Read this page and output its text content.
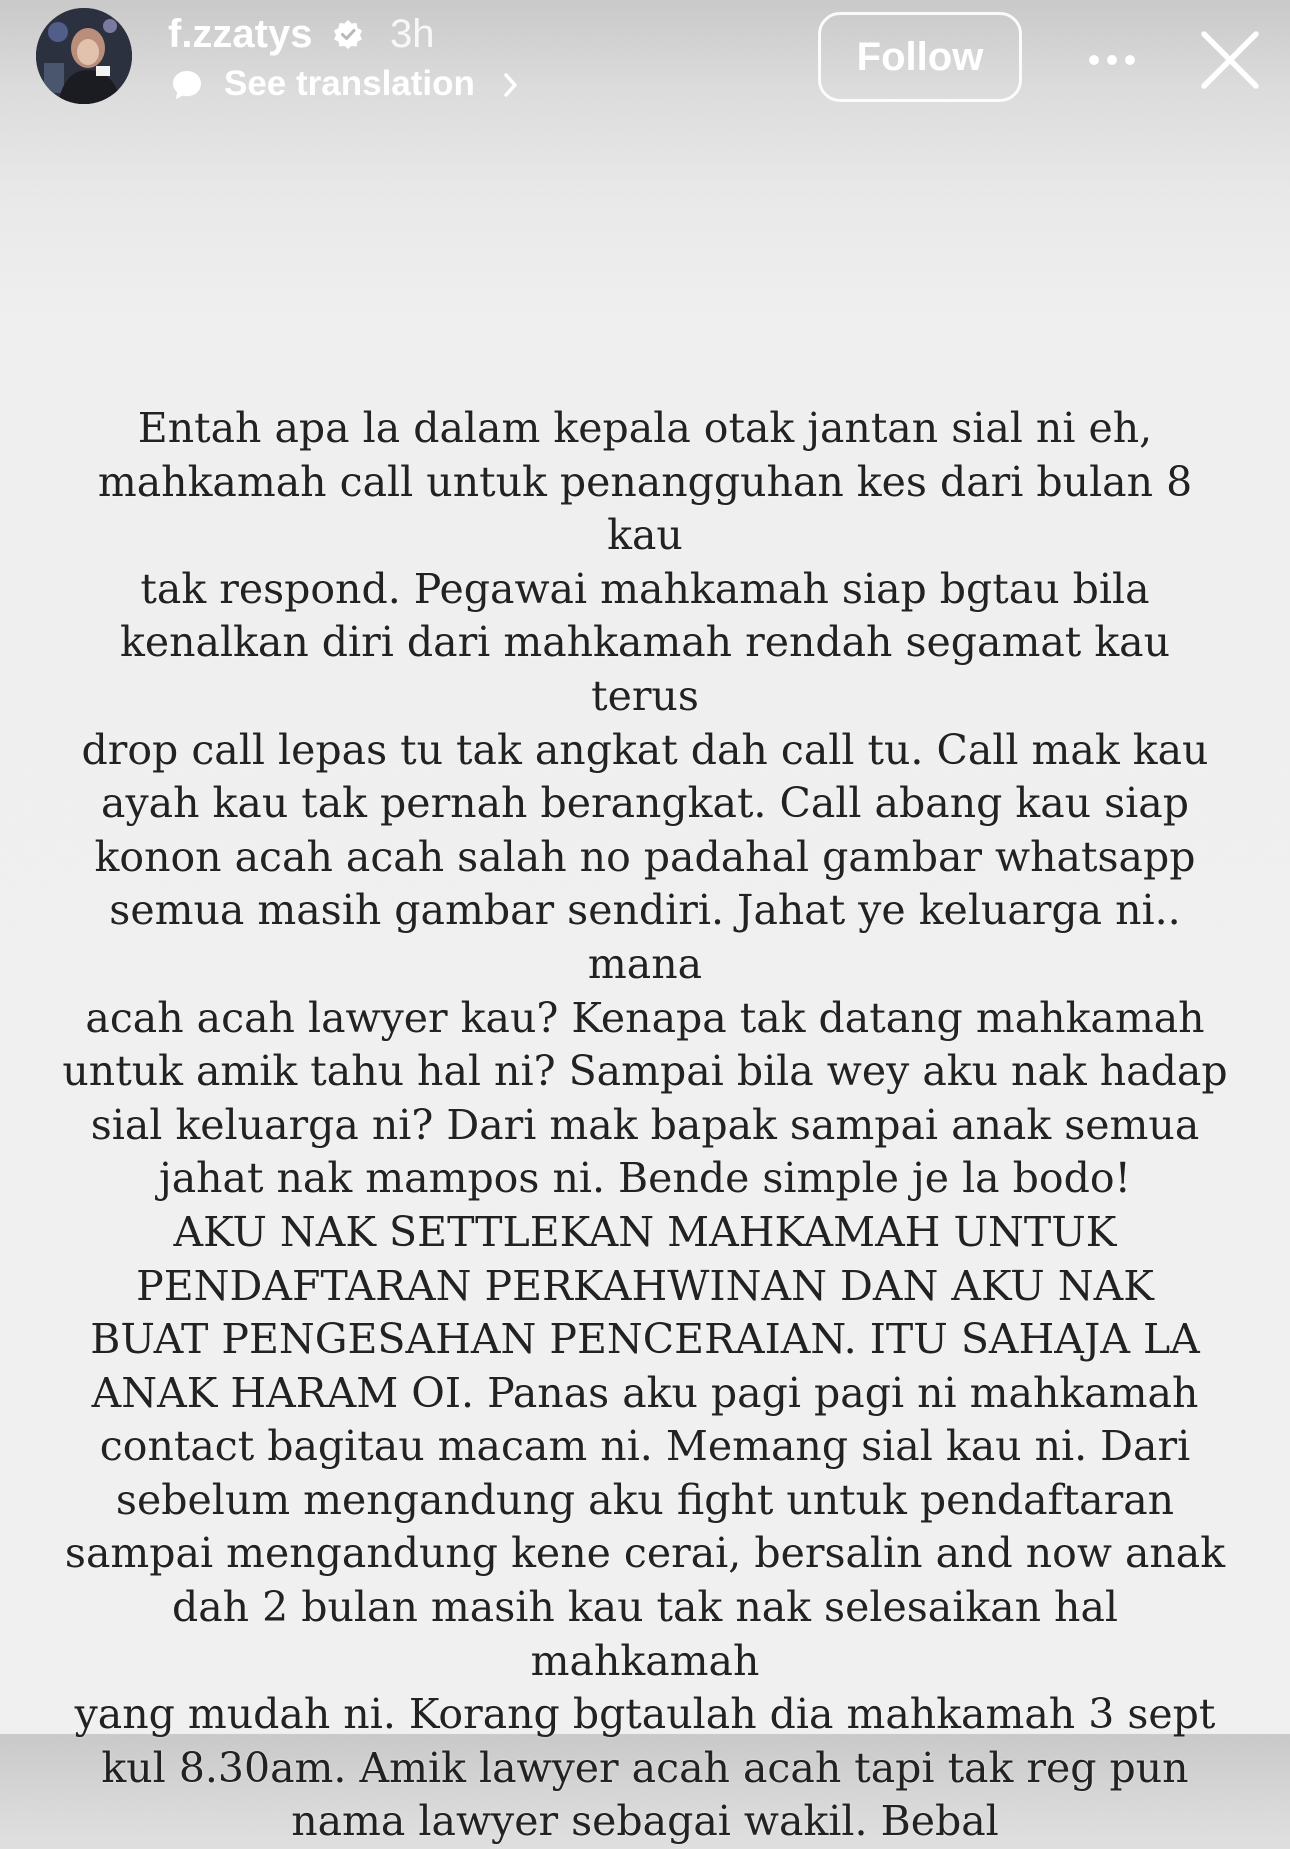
f.zzatys 3h
See translation
Follow

Entah apa la dalam kepala otak jantan sial ni eh,
mahkamah call untuk penangguhan kes dari bulan 8 kau
tak respond. Pegawai mahkamah siap bgtau bila
kenalkan diri dari mahkamah rendah segamat kau terus
drop call lepas tu tak angkat dah call tu. Call mak kau
ayah kau tak pernah berangkat. Call abang kau siap
konon acah acah salah no padahal gambar whatsapp
semua masih gambar sendiri. Jahat ye keluarga ni.. mana
acah acah lawyer kau? Kenapa tak datang mahkamah
untuk amik tahu hal ni? Sampai bila wey aku nak hadap
sial keluarga ni? Dari mak bapak sampai anak semua
jahat nak mampos ni. Bende simple je la bodo!
AKU NAK SETTLEKAN MAHKAMAH UNTUK
PENDAFTARAN PERKAHWINAN DAN AKU NAK
BUAT PENGESAHAN PENCERAIAN. ITU SAHAJA LA
ANAK HARAM OI. Panas aku pagi pagi ni mahkamah
contact bagitau macam ni. Memang sial kau ni. Dari
sebelum mengandung aku fight untuk pendaftaran
sampai mengandung kene cerai, bersalin and now anak
dah 2 bulan masih kau tak nak selesaikan hal mahkamah
yang mudah ni. Korang bgtaulah dia mahkamah 3 sept
kul 8.30am. Amik lawyer acah acah tapi tak reg pun
nama lawyer sebagai wakil. Bebal
